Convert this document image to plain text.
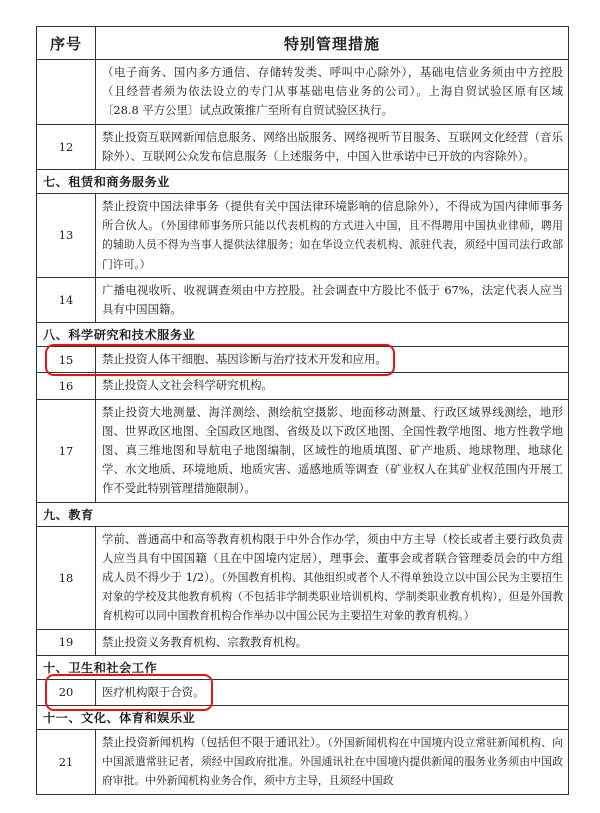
序号	特别管理措施
	（电子商务、国内多方通信、存储转发类、呼叫中心除外），基础电信业务须由中方控股（且经营者须为依法设立的专门从事基础电信业务的公司）。上海自贸试验区原有区域〔28.8 平方公里〕试点政策推广至所有自贸试验区执行。
12	禁止投资互联网新闻信息服务、网络出版服务、网络视听节目服务、互联网文化经营（音乐除外）、互联网公众发布信息服务（上述服务中，中国入世承诺中已开放的内容除外）。
七、租赁和商务服务业	
13	禁止投资中国法律事务（提供有关中国法律环境影响的信息除外），不得成为国内律师事务所合伙人。（外国律师事务所只能以代表机构的方式进入中国，且不得聘用中国执业律师，聘用的辅助人员不得为当事人提供法律服务；如在华设立代表机构、派驻代表，须经中国司法行政部门许可。）
14	广播电视收听、收视调查须由中方控股。社会调查中方股比不低于 67%，法定代表人应当具有中国国籍。
八、科学研究和技术服务业	
15	禁止投资人体干细胞、基因诊断与治疗技术开发和应用。
16	禁止投资人文社会科学研究机构。
17	禁止投资大地测量、海洋测绘、测绘航空摄影、地面移动测量、行政区域界线测绘，地形图、世界政区地图、全国政区地图、省级及以下政区地图、全国性教学地图、地方性教学地图、真三维地图和导航电子地图编制，区域性的地质填图、矿产地质、地球物理、地球化学、水文地质、环境地质、地质灾害、遥感地质等调查（矿业权人在其矿业权范围内开展工作不受此特别管理措施限制）。
九、教育	
18	学前、普通高中和高等教育机构限于中外合作办学，须由中方主导（校长或者主要行政负责人应当具有中国国籍（且在中国境内定居），理事会、董事会或者联合管理委员会的中方组成人员不得少于 1/2）。（外国教育机构、其他组织或者个人不得单独设立以中国公民为主要招生对象的学校及其他教育机构（不包括非学制类职业培训机构、学制类职业教育机构），但是外国教育机构可以同中国教育机构合作举办以中国公民为主要招生对象的教育机构。）
19	禁止投资义务教育机构、宗教教育机构。
十、卫生和社会工作	
20	医疗机构限于合资。
十一、文化、体育和娱乐业	
21	禁止投资新闻机构（包括但不限于通讯社）。（外国新闻机构在中国境内设立常驻新闻机构、向中国派遣常驻记者，须经中国政府批准。外国通讯社在中国境内提供新闻的服务业务须由中国政府审批。中外新闻机构业务合作，须中方主导，且须经中国政
